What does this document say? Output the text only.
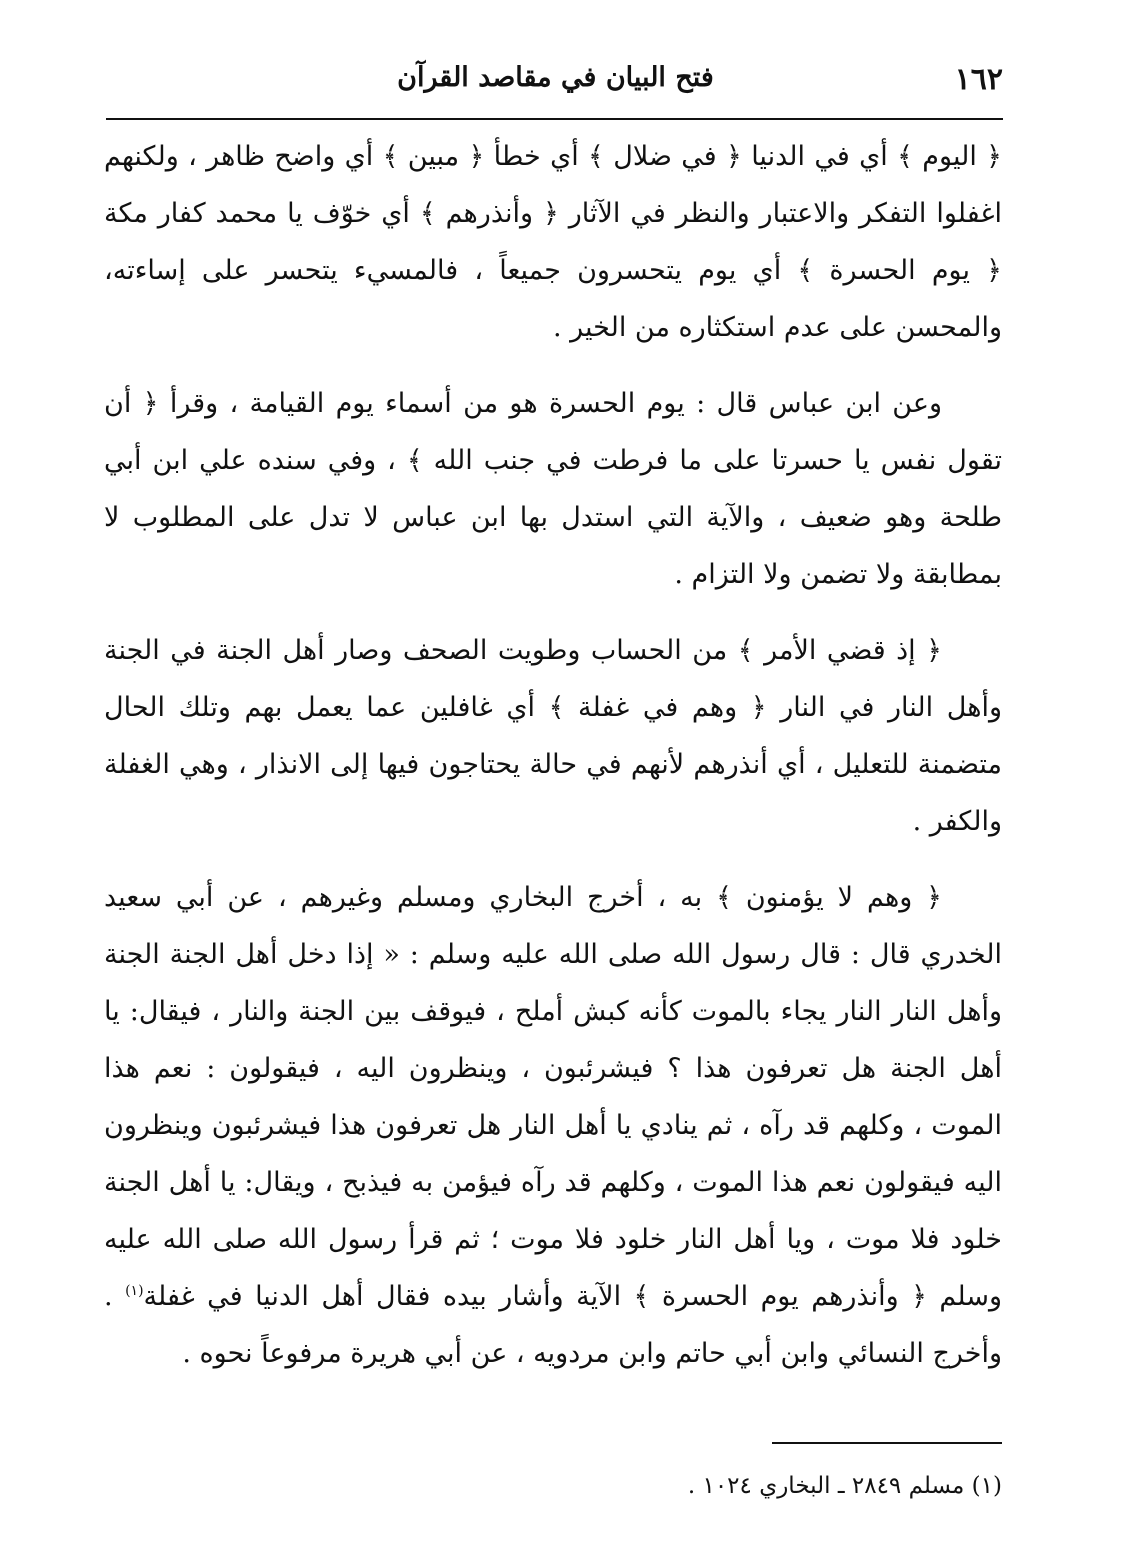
١٦٢
فتح البيان في مقاصد القرآن

﴿ اليوم ﴾ أي في الدنيا ﴿ في ضلال ﴾ أي خطأ ﴿ مبين ﴾ أي واضح ظاهر ، ولكنهم اغفلوا التفكر والاعتبار والنظر في الآثار ﴿ وأنذرهم ﴾ أي خوّف يا محمد كفار مكة ﴿ يوم الحسرة ﴾ أي يوم يتحسرون جميعاً ، فالمسيء يتحسر على إساءته، والمحسن على عدم استكثاره من الخير .

وعن ابن عباس قال : يوم الحسرة هو من أسماء يوم القيامة ، وقرأ ﴿ أن تقول نفس يا حسرتا على ما فرطت في جنب الله ﴾ ، وفي سنده علي ابن أبي طلحة وهو ضعيف ، والآية التي استدل بها ابن عباس لا تدل على المطلوب لا بمطابقة ولا تضمن ولا التزام .

﴿ إذ قضي الأمر ﴾ من الحساب وطويت الصحف وصار أهل الجنة في الجنة وأهل النار في النار ﴿ وهم في غفلة ﴾ أي غافلين عما يعمل بهم وتلك الحال متضمنة للتعليل ، أي أنذرهم لأنهم في حالة يحتاجون فيها إلى الانذار ، وهي الغفلة والكفر .

﴿ وهم لا يؤمنون ﴾ به ، أخرج البخاري ومسلم وغيرهم ، عن أبي سعيد الخدري قال : قال رسول الله صلى الله عليه وسلم : « إذا دخل أهل الجنة الجنة وأهل النار النار يجاء بالموت كأنه كبش أملح ، فيوقف بين الجنة والنار ، فيقال: يا أهل الجنة هل تعرفون هذا ؟ فيشرئبون ، وينظرون اليه ، فيقولون : نعم هذا الموت ، وكلهم قد رآه ، ثم ينادي يا أهل النار هل تعرفون هذا فيشرئبون وينظرون اليه فيقولون نعم هذا الموت ، وكلهم قد رآه فيؤمن به فيذبح ، ويقال: يا أهل الجنة خلود فلا موت ، ويا أهل النار خلود فلا موت ؛ ثم قرأ رسول الله صلى الله عليه وسلم ﴿ وأنذرهم يوم الحسرة ﴾ الآية وأشار بيده فقال أهل الدنيا في غفلة$^{(١)}$ . وأخرج النسائي وابن أبي حاتم وابن مردويه ، عن أبي هريرة مرفوعاً نحوه .

(١) مسلم ٢٨٤٩ ـ البخاري ١٠٢٤ .
